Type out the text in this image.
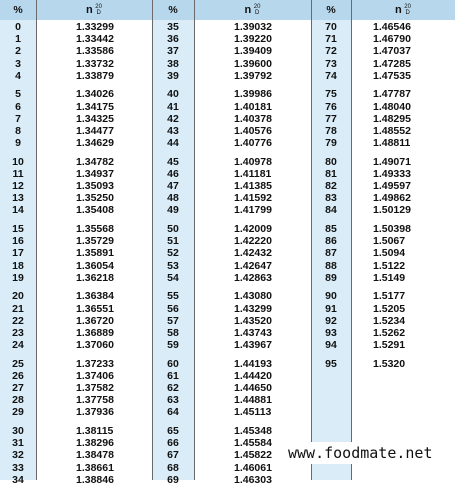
%	n 20
D	%	n 20
D	%	n 20
D
0	1.33299
1	1.33442
2	1.33586
3	1.33732
4	1.33879
5	1.34026
6	1.34175
7	1.34325
8	1.34477
9	1.34629
10	1.34782
11	1.34937
12	1.35093
13	1.35250
14	1.35408
15	1.35568
16	1.35729
17	1.35891
18	1.36054
19	1.36218
20	1.36384
21	1.36551
22	1.36720
23	1.36889
24	1.37060
25	1.37233
26	1.37406
27	1.37582
28	1.37758
29	1.37936
30	1.38115
31	1.38296
32	1.38478
33	1.38661
34	1.38846
35	1.39032
36	1.39220
37	1.39409
38	1.39600
39	1.39792
40	1.39986
41	1.40181
42	1.40378
43	1.40576
44	1.40776
45	1.40978
46	1.41181
47	1.41385
48	1.41592
49	1.41799
50	1.42009
51	1.42220
52	1.42432
53	1.42647
54	1.42863
55	1.43080
56	1.43299
57	1.43520
58	1.43743
59	1.43967
60	1.44193
61	1.44420
62	1.44650
63	1.44881
64	1.45113
65	1.45348
66	1.45584
67	1.45822
68	1.46061
69	1.46303
70	1.46546
71	1.46790
72	1.47037
73	1.47285
74	1.47535
75	1.47787
76	1.48040
77	1.48295
78	1.48552
79	1.48811
80	1.49071
81	1.49333
82	1.49597
83	1.49862
84	1.50129
85	1.50398
86	1.5067
87	1.5094
88	1.5122
89	1.5149
90	1.5177
91	1.5205
92	1.5234
93	1.5262
94	1.5291
95	1.5320
www.foodmate.net
